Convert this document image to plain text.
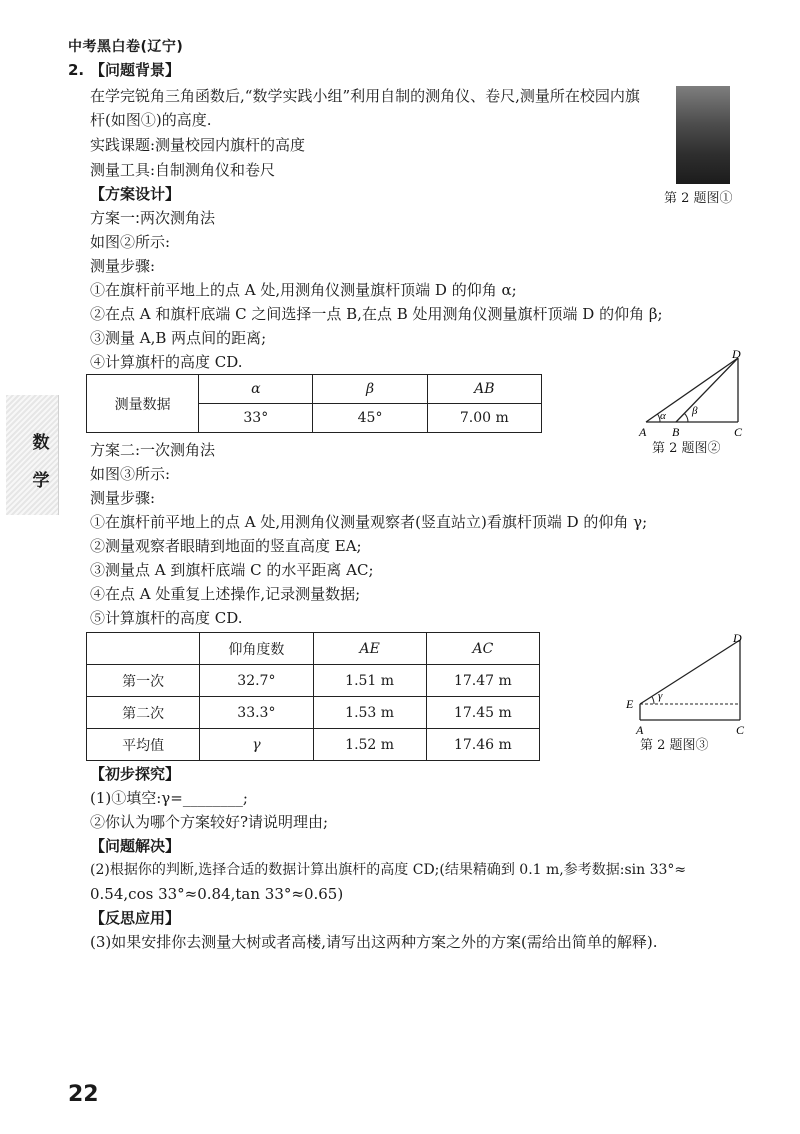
中考黑白卷(辽宁)
数
学
2. 【问题背景】
在学完锐角三角函数后,“数学实践小组”利用自制的测角仪、卷尺,测量所在校园内旗
杆(如图①)的高度.
实践课题:测量校园内旗杆的高度
测量工具:自制测角仪和卷尺
【方案设计】	第 2 题图①
方案一:两次测角法
如图②所示:
测量步骤:
①在旗杆前平地上的点 A 处,用测角仪测量旗杆顶端 D 的仰角 α;
②在点 A 和旗杆底端 C 之间选择一点 B,在点 B 处用测角仪测量旗杆顶端 D 的仰角 β;
③测量 A,B 两点间的距离;
④计算旗杆的高度 CD.
测量数据	α	β	AB
	33°	45°	7.00 m
D
A B	C
α β
第 2 题图②
方案二:一次测角法
如图③所示:
测量步骤:
①在旗杆前平地上的点 A 处,用测角仪测量观察者(竖直站立)看旗杆顶端 D 的仰角 γ;
②测量观察者眼睛到地面的竖直高度 EA;
③测量点 A 到旗杆底端 C 的水平距离 AC;
④在点 A 处重复上述操作,记录测量数据;
⑤计算旗杆的高度 CD.
	仰角度数	AE	AC
第一次	32.7°	1.51 m	17.47 m
第二次	33.3°	1.53 m	17.45 m
平均值	γ	1.52 m	17.46 m
D
E
A	C
γ
第 2 题图③
【初步探究】
(1)①填空:γ=________;
②你认为哪个方案较好?请说明理由;
【问题解决】
(2)根据你的判断,选择合适的数据计算出旗杆的高度 CD;(结果精确到 0.1 m,参考数据:sin 33°≈
0.54,cos 33°≈0.84,tan 33°≈0.65)
【反思应用】
(3)如果安排你去测量大树或者高楼,请写出这两种方案之外的方案(需给出简单的解释).
22
